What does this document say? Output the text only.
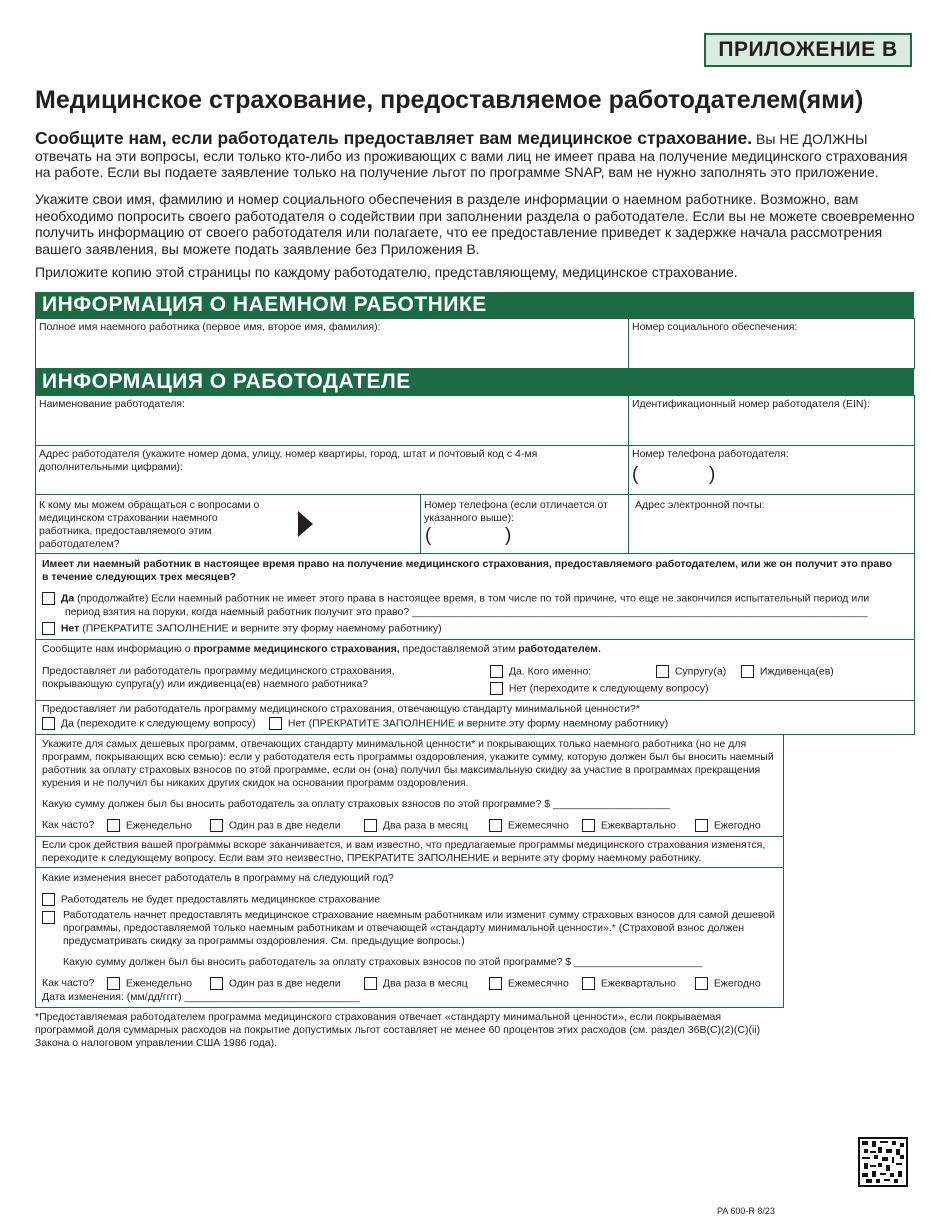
ПРИЛОЖЕНИЕ В
Медицинское страхование, предоставляемое работодателем(ями)
Сообщите нам, если работодатель предоставляет вам медицинское страхование. Вы НЕ ДОЛЖНЫ отвечать на эти вопросы, если только кто-либо из проживающих с вами лиц не имеет права на получение медицинского страхования на работе. Если вы подаете заявление только на получение льгот по программе SNAP, вам не нужно заполнять это приложение.
Укажите свои имя, фамилию и номер социального обеспечения в разделе информации о наемном работнике. Возможно, вам необходимо попросить своего работодателя о содействии при заполнении раздела о работодателе. Если вы не можете своевременно получить информацию от своего работодателя или полагаете, что ее предоставление приведет к задержке начала рассмотрения вашего заявления, вы можете подать заявление без Приложения В.
Приложите копию этой страницы по каждому работодателю, представляющему, медицинское страхование.
ИНФОРМАЦИЯ О НАЕМНОМ РАБОТНИКЕ
Полное имя наемного работника (первое имя, второе имя, фамилия):	Номер социального обеспечения:
ИНФОРМАЦИЯ О РАБОТОДАТЕЛЕ
Наименование работодателя:	Идентификационный номер работодателя (EIN):
Адрес работодателя (укажите номер дома, улицу, номер квартиры, город, штат и почтовый код с 4-мя дополнительными цифрами):
Номер телефона работодателя:
(	)
К кому мы можем обращаться с вопросами о медицинском страховании наемного работника, предоставляемого этим работодателем?
Номер телефона (если отличается от указанного выше):
(	)
Адрес электронной почты:
Имеет ли наемный работник в настоящее время право на получение медицинского страхования, предоставляемого работодателем, или же он получит это право в течение следующих трех месяцев?
Да (продолжайте) Если наемный работник не имеет этого права в настоящее время, в том числе по той причине, что еще не закончился испытательный период или
период взятия на поруки, когда наемный работник получит это право? ______________________________________________________________________________
Нет (ПРЕКРАТИТЕ ЗАПОЛНЕНИЕ и верните эту форму наемному работнику)
Сообщите нам информацию о программе медицинского страхования, предоставляемой этим работодателем.
Предоставляет ли работодатель программу медицинского страхования, покрывающую супруга(у) или иждивенца(ев) наемного работника?
Да. Кого именно:	Супругу(а)	Иждивенца(ев)
Нет (переходите к следующему вопросу)
Предоставляет ли работодатель программу медицинского страхования, отвечающую стандарту минимальной ценности?*
Да (переходите к следующему вопросу)	Нет (ПРЕКРАТИТЕ ЗАПОЛНЕНИЕ и верните эту форму наемному работнику)
Укажите для самых дешевых программ, отвечающих стандарту минимальной ценности* и покрывающих только наемного работника (но не для программ, покрывающих всю семью): если у работодателя есть программы оздоровления, укажите сумму, которую должен был бы вносить наемный работник за оплату страховых взносов по этой программе, если он (она) получил бы максимальную скидку за участие в программах прекращения курения и не получил бы никаких других скидок на основании программ оздоровления.
Какую сумму должен был бы вносить работодатель за оплату страховых взносов по этой программе? $ ____________________
Как часто?	Еженедельно	Один раз в две недели	Два раза в месяц	Ежемесячно	Ежеквартально	Ежегодно
Если срок действия вашей программы вскоре заканчивается, и вам известно, что предлагаемые программы медицинского страхования изменятся, переходите к следующему вопросу. Если вам это неизвестно, ПРЕКРАТИТЕ ЗАПОЛНЕНИЕ и верните эту форму наемному работнику.
Какие изменения внесет работодатель в программу на следующий год?
Работодатель не будет предоставлять медицинское страхование
Работодатель начнет предоставлять медицинское страхование наемным работникам или изменит сумму страховых взносов для самой дешевой программы, предоставляемой только наемным работникам и отвечающей «стандарту минимальной ценности».* (Страховой взнос должен предусматривать скидку за программы оздоровления. См. предыдущие вопросы.)
Какую сумму должен был бы вносить работодатель за оплату страховых взносов по этой программе? $ ______________________
Как часто?	Еженедельно	Один раз в две недели	Два раза в месяц	Ежемесячно	Ежеквартально	Ежегодно
Дата изменения: (мм/дд/гггг) ______________________________
*Предоставляемая работодателем программа медицинского страхования отвечает «стандарту минимальной ценности», если покрываемая программой доля суммарных расходов на покрытие допустимых льгот составляет не менее 60 процентов этих расходов (см. раздел 36B(C)(2)(C)(ii) Закона о налоговом управлении США 1986 года).
PA 600-R 8/23
